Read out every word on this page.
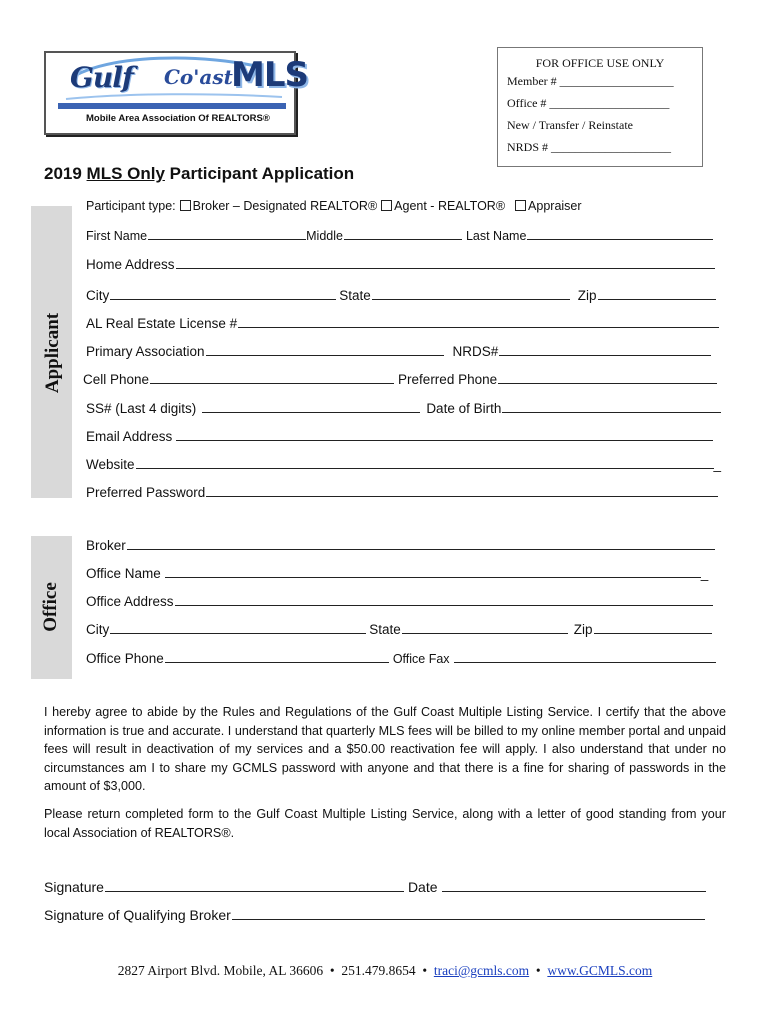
Gulf Co'ast
MLS
Mobile Area Association Of REALTORS®
FOR OFFICE USE ONLY
Member # ___________________
Office # ____________________
New / Transfer / Reinstate
NRDS # ____________________
2019 MLS Only Participant Application
Applicant
Participant type: Broker – Designated REALTOR® Agent - REALTOR® Appraiser
First Name	Middle	Last Name
Home Address
City	State	Zip
AL Real Estate License #
Primary Association	NRDS#
Cell Phone	Preferred Phone
SS# (Last 4 digits)	Date of Birth
Email Address
Website	_
Preferred Password
Office
Broker
Office Name	_
Office Address
City	State	Zip
Office Phone	Office Fax
I hereby agree to abide by the Rules and Regulations of the Gulf Coast Multiple Listing Service. I certify that the above information is true and accurate. I understand that quarterly MLS fees will be billed to my online member portal and unpaid fees will result in deactivation of my services and a $50.00 reactivation fee will apply. I also understand that under no circumstances am I to share my GCMLS password with anyone and that there is a fine for sharing of passwords in the amount of $3,000.
Please return completed form to the Gulf Coast Multiple Listing Service, along with a letter of good standing from your local Association of REALTORS®.
Signature	Date
Signature of Qualifying Broker
2827 Airport Blvd. Mobile, AL 36606 • 251.479.8654 • traci@gcmls.com • www.GCMLS.com
